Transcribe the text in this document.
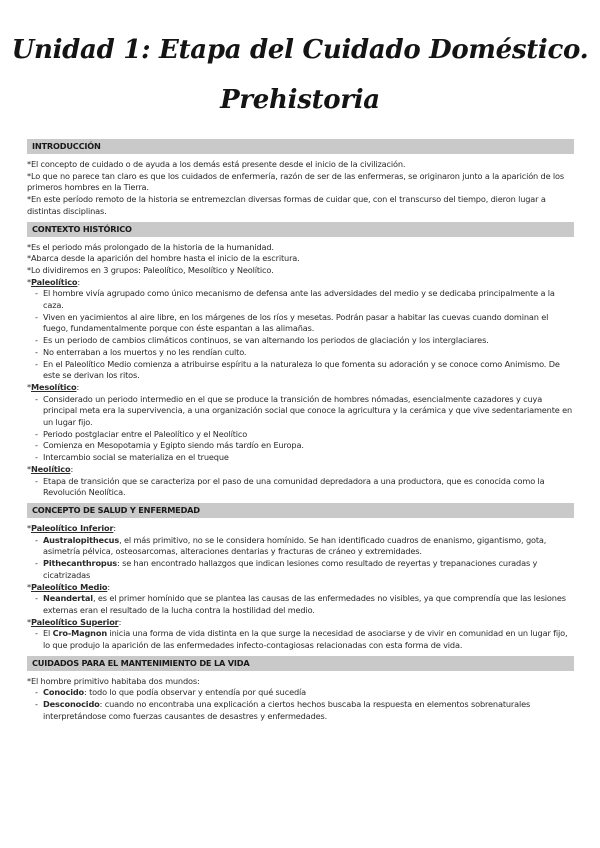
Unidad 1: Etapa del Cuidado Doméstico.
Prehistoria
INTRODUCCIÓN

*El concepto de cuidado o de ayuda a los demás está presente desde el inicio de la civilización.

*Lo que no parece tan claro es que los cuidados de enfermería, razón de ser de las enfermeras, se originaron junto a la aparición de los primeros hombres en la Tierra.

*En este período remoto de la historia se entremezclan diversas formas de cuidar que, con el transcurso del tiempo, dieron lugar a distintas disciplinas.

CONTEXTO HISTÓRICO

*Es el periodo más prolongado de la historia de la humanidad.

*Abarca desde la aparición del hombre hasta el inicio de la escritura.

*Lo dividiremos en 3 grupos: Paleolítico, Mesolítico y Neolítico.

*Paleolítico:

- El hombre vivía agrupado como único mecanismo de defensa ante las adversidades del medio y se dedicaba principalmente a la caza.
- Viven en yacimientos al aire libre, en los márgenes de los ríos y mesetas. Podrán pasar a habitar las cuevas cuando dominan el fuego, fundamentalmente porque con éste espantan a las alimañas.
- Es un periodo de cambios climáticos continuos, se van alternando los periodos de glaciación y los interglaciares.
- No enterraban a los muertos y no les rendían culto.
- En el Paleolítico Medio comienza a atribuirse espíritu a la naturaleza lo que fomenta su adoración y se conoce como Animismo. De este se derivan los ritos.

*Mesolítico:

- Considerado un periodo intermedio en el que se produce la transición de hombres nómadas, esencialmente cazadores y cuya principal meta era la supervivencia, a una organización social que conoce la agricultura y la cerámica y que vive sedentariamente en un lugar fijo.
- Periodo postglaciar entre el Paleolítico y el Neolítico
- Comienza en Mesopotamia y Egipto siendo más tardío en Europa.
- Intercambio social se materializa en el trueque

*Neolítico:

- Etapa de transición que se caracteriza por el paso de una comunidad depredadora a una productora, que es conocida como la Revolución Neolítica.
CONCEPTO DE SALUD Y ENFERMEDAD

*Paleolítico Inferior:

- Australopithecus, el más primitivo, no se le considera homínido. Se han identificado cuadros de enanismo, gigantismo, gota, asimetría pélvica, osteosarcomas, alteraciones dentarias y fracturas de cráneo y extremidades.
- Pithecanthropus: se han encontrado hallazgos que indican lesiones como resultado de reyertas y trepanaciones curadas y cicatrizadas

*Paleolítico Medio:

- Neandertal, es el primer homínido que se plantea las causas de las enfermedades no visibles, ya que comprendía que las lesiones externas eran el resultado de la lucha contra la hostilidad del medio.

*Paleolítico Superior:

- El Cro-Magnon inicia una forma de vida distinta en la que surge la necesidad de asociarse y de vivir en comunidad en un lugar fijo, lo que produjo la aparición de las enfermedades infecto-contagiosas relacionadas con esta forma de vida.
CUIDADOS PARA EL MANTENIMIENTO DE LA VIDA

*El hombre primitivo habitaba dos mundos:

- Conocido: todo lo que podía observar y entendía por qué sucedía
- Desconocido: cuando no encontraba una explicación a ciertos hechos buscaba la respuesta en elementos sobrenaturales interpretándose como fuerzas causantes de desastres y enfermedades.
